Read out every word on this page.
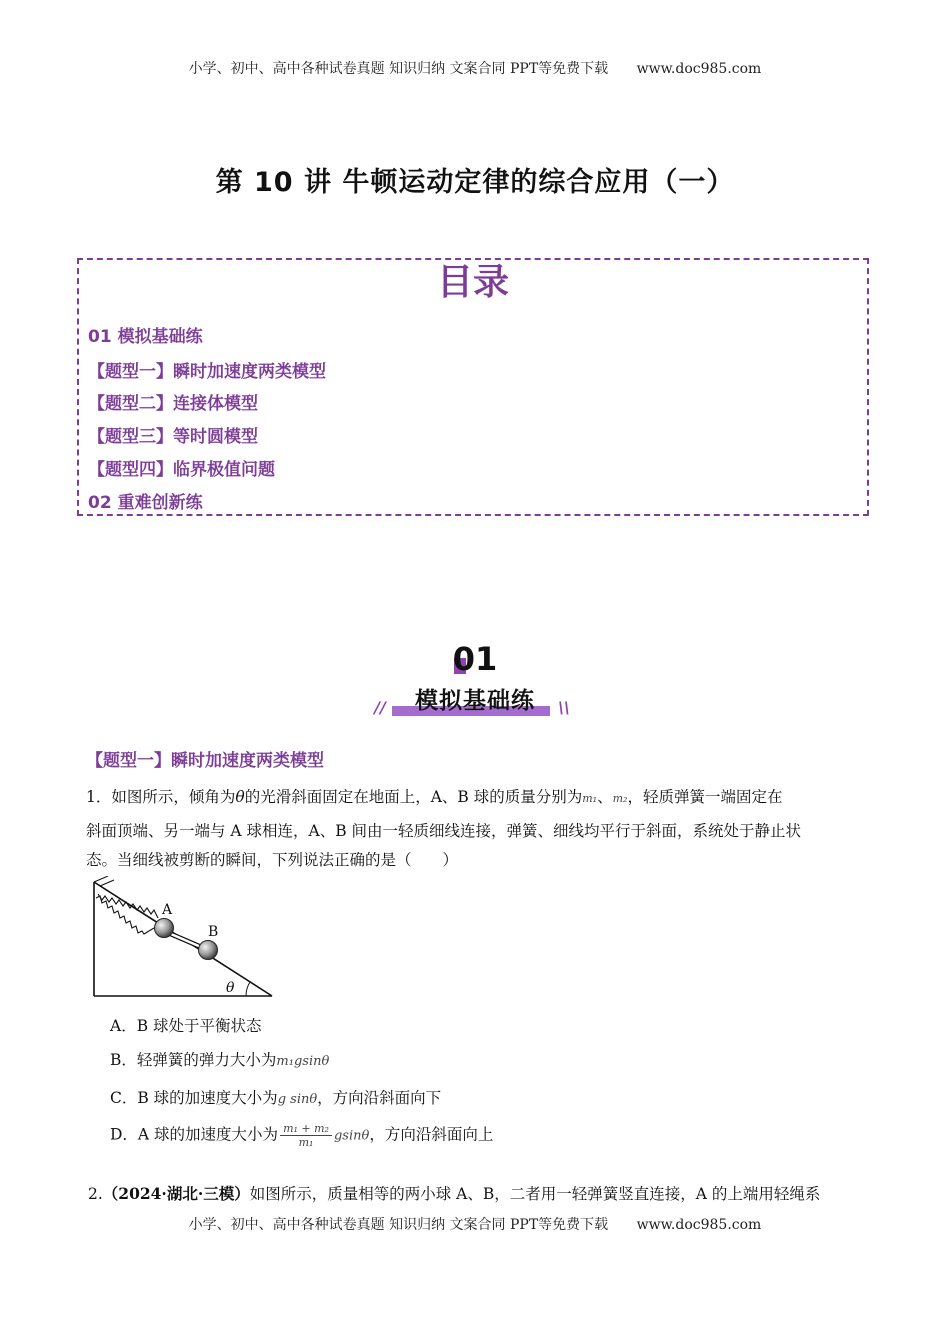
小学、初中、高中各种试卷真题 知识归纳 文案合同 PPT等免费下载 www.doc985.com
第 10 讲 牛顿运动定律的综合应用（一）
目录
01 模拟基础练
【题型一】瞬时加速度两类模型
【题型二】连接体模型
【题型三】等时圆模型
【题型四】临界极值问题
02 重难创新练
01
模拟基础练
//	\\
【题型一】瞬时加速度两类模型
1．如图所示，倾角为θ的光滑斜面固定在地面上，A、B 球的质量分别为m₁、m₂，轻质弹簧一端固定在
斜面顶端、另一端与 A 球相连，A、B 间由一轻质细线连接，弹簧、细线均平行于斜面，系统处于静止状
态。当细线被剪断的瞬间，下列说法正确的是（　　）
A
B
θ
A．B 球处于平衡状态
B．轻弹簧的弹力大小为m₁gsinθ
C．B 球的加速度大小为g sinθ，方向沿斜面向下
D．A 球的加速度大小为 $\frac{\text{m₁ + m₂}}{\text{m₁}}$ gsinθ，方向沿斜面向上
2.（2024·湖北·三模）如图所示，质量相等的两小球 A、B，二者用一轻弹簧竖直连接，A 的上端用轻绳系
小学、初中、高中各种试卷真题 知识归纳 文案合同 PPT等免费下载 www.doc985.com
